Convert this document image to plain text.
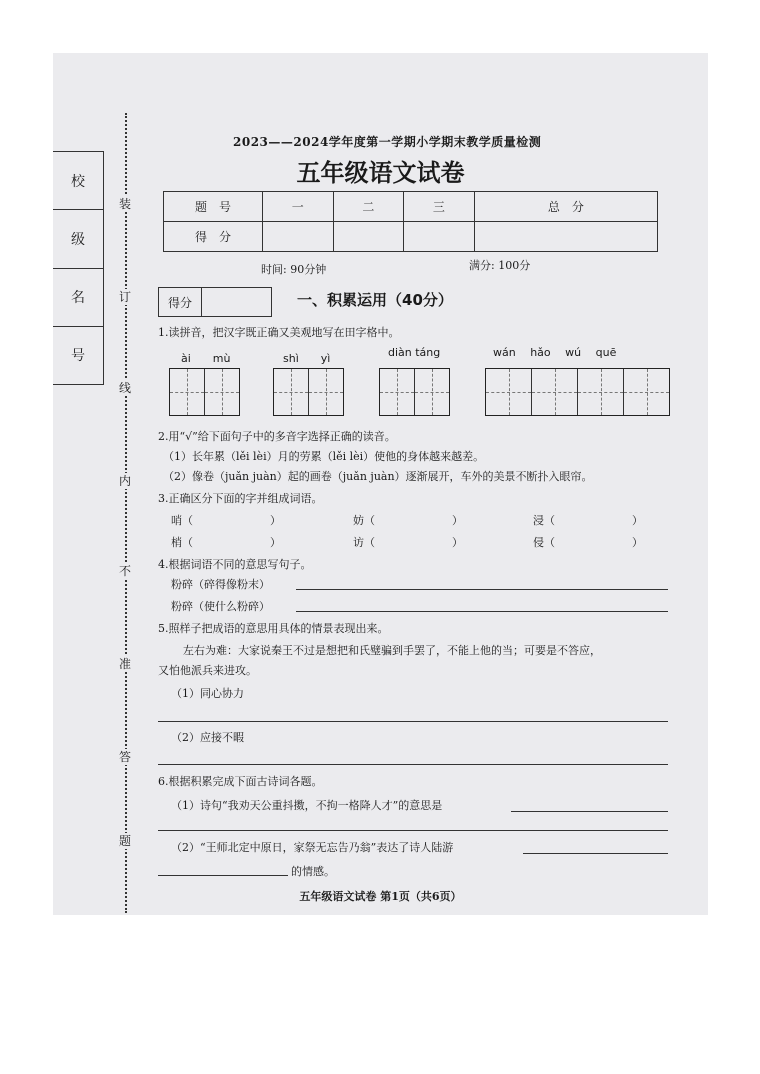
校
级
名
号
装
订
线
内
不
准
答
题
2023——2024学年度第一学期小学期末教学质量检测
五年级语文试卷
题　号	一	二	三	总　分
得　分				
时间: 90分钟	满分: 100分
得分	一、积累运用（40分）
1.读拼音，把汉字既正确又美观地写在田字格中。
ài　　mù	shì　　yì	diàn táng	wán　 hǎo　 wú　 quē
2.用“√”给下面句子中的多音字选择正确的读音。
（1）长年累（lěi lèi）月的劳累（lěi lèi）使他的身体越来越差。
（2）像卷（juǎn juàn）起的画卷（juǎn juàn）逐渐展开，车外的美景不断扑入眼帘。
3.正确区分下面的字并组成词语。
哨（　　　　　　　）	妨（　　　　　　　）	浸（　　　　　　　）
梢（　　　　　　　）	访（　　　　　　　）	侵（　　　　　　　）
4.根据词语不同的意思写句子。
粉碎（碎得像粉末）
粉碎（使什么粉碎）
5.照样子把成语的意思用具体的情景表现出来。
左右为难：大家说秦王不过是想把和氏璧骗到手罢了，不能上他的当；可要是不答应，
又怕他派兵来进攻。
（1）同心协力
（2）应接不暇
6.根据积累完成下面古诗词各题。
（1）诗句“我劝天公重抖擞，不拘一格降人才”的意思是
（2）“王师北定中原日，家祭无忘告乃翁”表达了诗人陆游
的情感。
五年级语文试卷 第1页（共6页）
